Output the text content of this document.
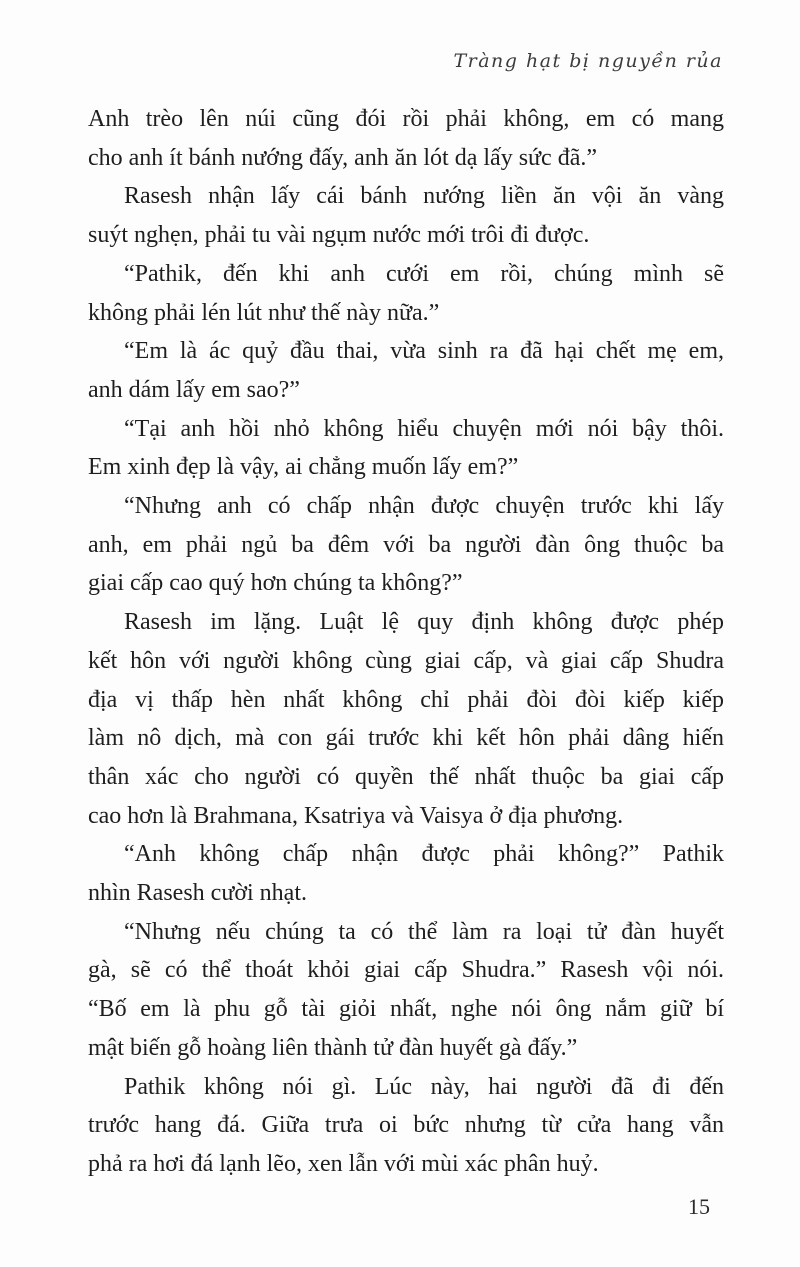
Tràng hạt bị nguyền rủa
Anh trèo lên núi cũng đói rồi phải không, em có mang
cho anh ít bánh nướng đấy, anh ăn lót dạ lấy sức đã.”
Rasesh nhận lấy cái bánh nướng liền ăn vội ăn vàng
suýt nghẹn, phải tu vài ngụm nước mới trôi đi được.
“Pathik, đến khi anh cưới em rồi, chúng mình sẽ
không phải lén lút như thế này nữa.”
“Em là ác quỷ đầu thai, vừa sinh ra đã hại chết mẹ em,
anh dám lấy em sao?”
“Tại anh hồi nhỏ không hiểu chuyện mới nói bậy thôi.
Em xinh đẹp là vậy, ai chẳng muốn lấy em?”
“Nhưng anh có chấp nhận được chuyện trước khi lấy
anh, em phải ngủ ba đêm với ba người đàn ông thuộc ba
giai cấp cao quý hơn chúng ta không?”
Rasesh im lặng. Luật lệ quy định không được phép
kết hôn với người không cùng giai cấp, và giai cấp Shudra
địa vị thấp hèn nhất không chỉ phải đòi đòi kiếp kiếp
làm nô dịch, mà con gái trước khi kết hôn phải dâng hiến
thân xác cho người có quyền thế nhất thuộc ba giai cấp
cao hơn là Brahmana, Ksatriya và Vaisya ở địa phương.
“Anh không chấp nhận được phải không?” Pathik
nhìn Rasesh cười nhạt.
“Nhưng nếu chúng ta có thể làm ra loại tử đàn huyết
gà, sẽ có thể thoát khỏi giai cấp Shudra.” Rasesh vội nói.
“Bố em là phu gỗ tài giỏi nhất, nghe nói ông nắm giữ bí
mật biến gỗ hoàng liên thành tử đàn huyết gà đấy.”
Pathik không nói gì. Lúc này, hai người đã đi đến
trước hang đá. Giữa trưa oi bức nhưng từ cửa hang vẫn
phả ra hơi đá lạnh lẽo, xen lẫn với mùi xác phân huỷ.
15
